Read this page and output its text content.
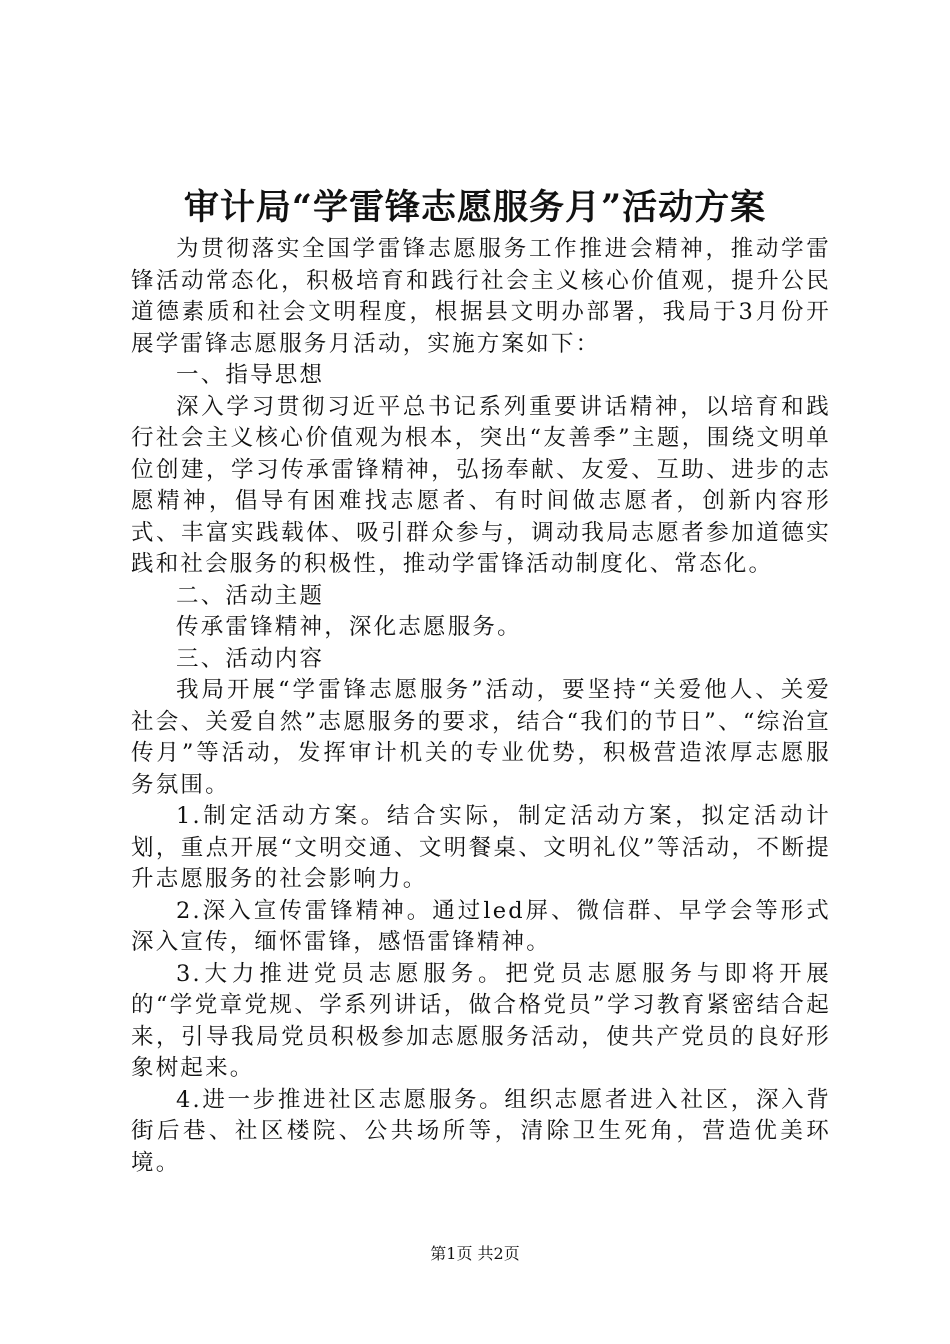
审计局“学雷锋志愿服务月”活动方案

为贯彻落实全国学雷锋志愿服务工作推进会精神，推动学雷锋活动常态化，积极培育和践行社会主义核心价值观，提升公民道德素质和社会文明程度，根据县文明办部署，我局于3月份开展学雷锋志愿服务月活动，实施方案如下：

一、指导思想

深入学习贯彻习近平总书记系列重要讲话精神，以培育和践行社会主义核心价值观为根本，突出“友善季”主题，围绕文明单位创建，学习传承雷锋精神，弘扬奉献、友爱、互助、进步的志愿精神，倡导有困难找志愿者、有时间做志愿者，创新内容形式、丰富实践载体、吸引群众参与，调动我局志愿者参加道德实践和社会服务的积极性，推动学雷锋活动制度化、常态化。

二、活动主题

传承雷锋精神，深化志愿服务。

三、活动内容

我局开展“学雷锋志愿服务”活动，要坚持“关爱他人、关爱社会、关爱自然”志愿服务的要求，结合“我们的节日”、“综治宣传月”等活动，发挥审计机关的专业优势，积极营造浓厚志愿服务氛围。

1.制定活动方案。结合实际，制定活动方案，拟定活动计划，重点开展“文明交通、文明餐桌、文明礼仪”等活动，不断提升志愿服务的社会影响力。

2.深入宣传雷锋精神。通过led屏、微信群、早学会等形式深入宣传，缅怀雷锋，感悟雷锋精神。

3.大力推进党员志愿服务。把党员志愿服务与即将开展的“学党章党规、学系列讲话，做合格党员”学习教育紧密结合起来，引导我局党员积极参加志愿服务活动，使共产党员的良好形象树起来。

4.进一步推进社区志愿服务。组织志愿者进入社区，深入背街后巷、社区楼院、公共场所等，清除卫生死角，营造优美环境。

第1页 共2页
